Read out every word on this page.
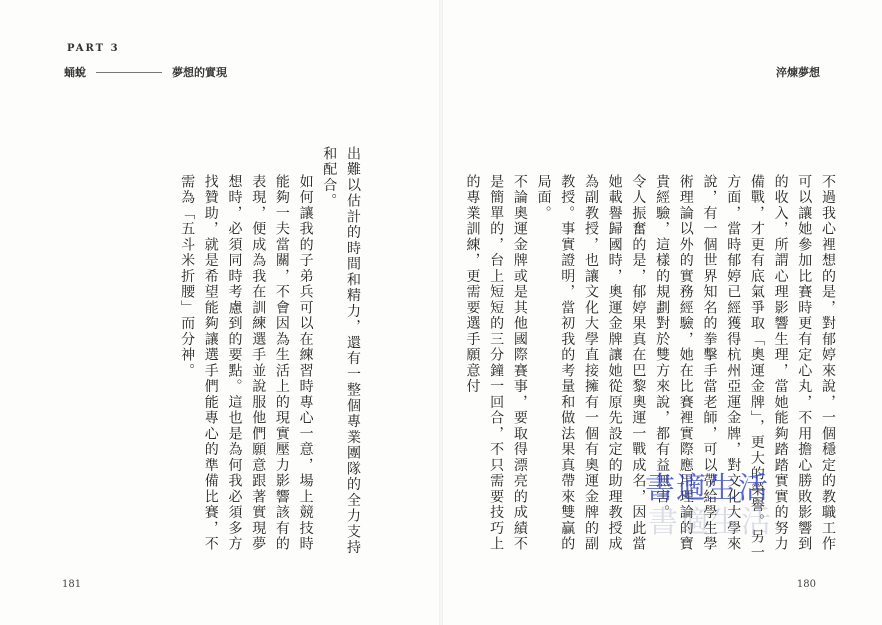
PART 3
蛹蛻	夢想的實現	淬煉夢想

不過我心裡想的是，對郁婷來說，一個穩定的教職工作可以讓她參加比賽時更有定心丸，不用擔心勝敗影響到的收入，所謂心理影響生理，當她能夠踏踏實實的努力備戰，才更有底氣爭取「奧運金牌」，更大的榮譽。另一方面，當時郁婷已經獲得杭州亞運金牌，對文化大學來說，有一個世界知名的拳擊手當老師，可以帶給學生學術理論以外的實務經驗，她在比賽裡實際應用理論的寶貴經驗，這樣的規劃對於雙方來說，都有益無害。

令人振奮的是，郁婷果真在巴黎奧運一戰成名，因此當她載譽歸國時，奧運金牌讓她從原先設定的助理教授成為副教授，也讓文化大學直接擁有一個有奧運金牌的副教授。事實證明，當初我的考量和做法果真帶來雙贏的局面。

不論奧運金牌或是其他國際賽事，要取得漂亮的成績不是簡單的，台上短短的三分鐘一回合，不只需要技巧上的專業訓練，更需要選手願意付

出難以估計的時間和精力，還有一整個專業團隊的全力支持和配合。

如何讓我的子弟兵可以在練習時專心一意，場上競技時能夠一夫當關，不會因為生活上的現實壓力影響該有的表現，便成為我在訓練選手並說服他們願意跟著實現夢想時，必須同時考慮到的要點。這也是為何我必須多方找贊助，就是希望能夠讓選手們能專心的準備比賽，不需為「五斗米折腰」而分神。

書適生活
書適生活
181	180
